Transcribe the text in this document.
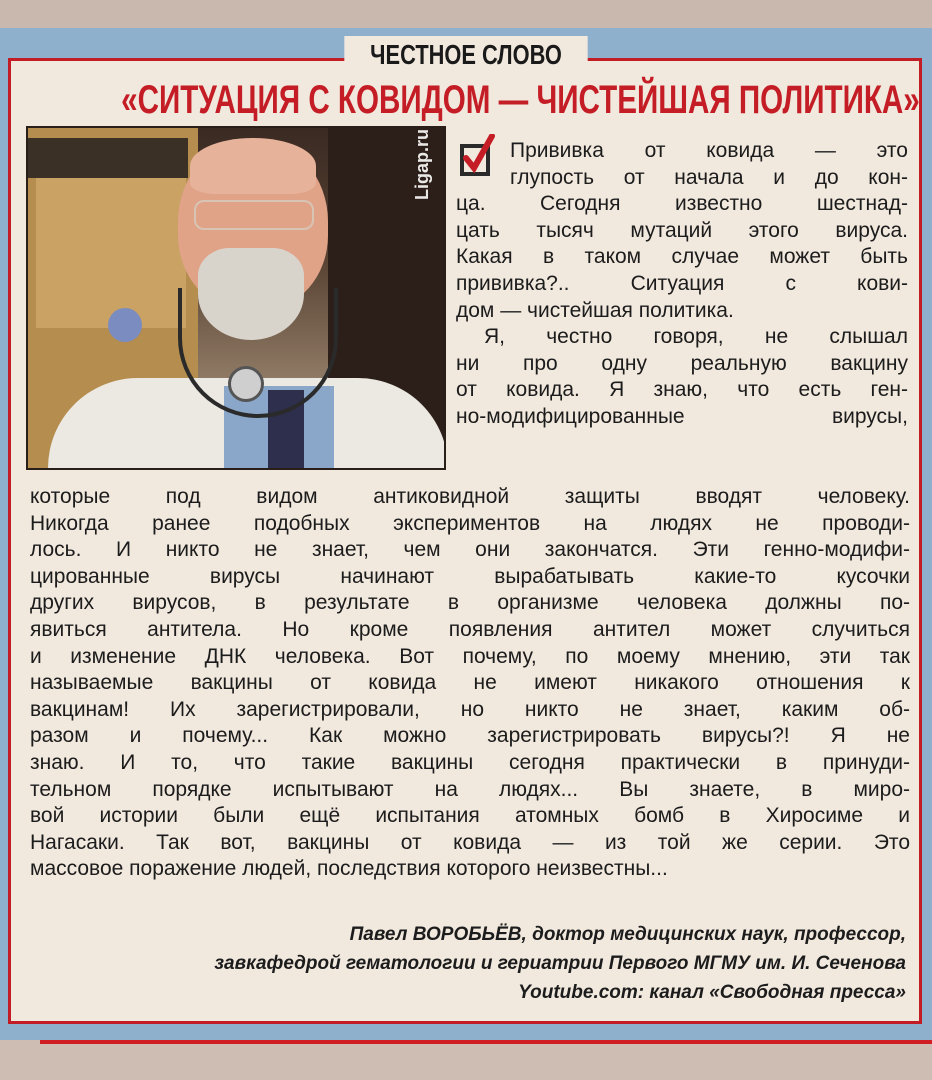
ЧЕСТНОЕ СЛОВО
«СИТУАЦИЯ С КОВИДОМ — ЧИСТЕЙШАЯ ПОЛИТИКА»
Ligap.ru	Прививка от ковида — это
глупость от начала и до кон-
ца. Сегодня известно шестнад-
цать тысяч мутаций этого вируса.
Какая в таком случае может быть
прививка?.. Ситуация с кови-
дом — чистейшая политика.
Я, честно говоря, не слышал
ни про одну реальную вакцину
от ковида. Я знаю, что есть ген-
но-модифицированные вирусы,
которые под видом антиковидной защиты вводят человеку.
Никогда ранее подобных экспериментов на людях не проводи-
лось. И никто не знает, чем они закончатся. Эти генно-модифи-
цированные вирусы начинают вырабатывать какие-то кусочки
других вирусов, в результате в организме человека должны по-
явиться антитела. Но кроме появления антител может случиться
и изменение ДНК человека. Вот почему, по моему мнению, эти так
называемые вакцины от ковида не имеют никакого отношения к
вакцинам! Их зарегистрировали, но никто не знает, каким об-
разом и почему... Как можно зарегистрировать вирусы?! Я не
знаю. И то, что такие вакцины сегодня практически в принуди-
тельном порядке испытывают на людях... Вы знаете, в миро-
вой истории были ещё испытания атомных бомб в Хиросиме и
Нагасаки. Так вот, вакцины от ковида — из той же серии. Это
массовое поражение людей, последствия которого неизвестны...
Павел ВОРОБЬЁВ, доктор медицинских наук, профессор,
завкафедрой гематологии и гериатрии Первого МГМУ им. И. Сеченова
Youtube.com: канал «Свободная пресса»
